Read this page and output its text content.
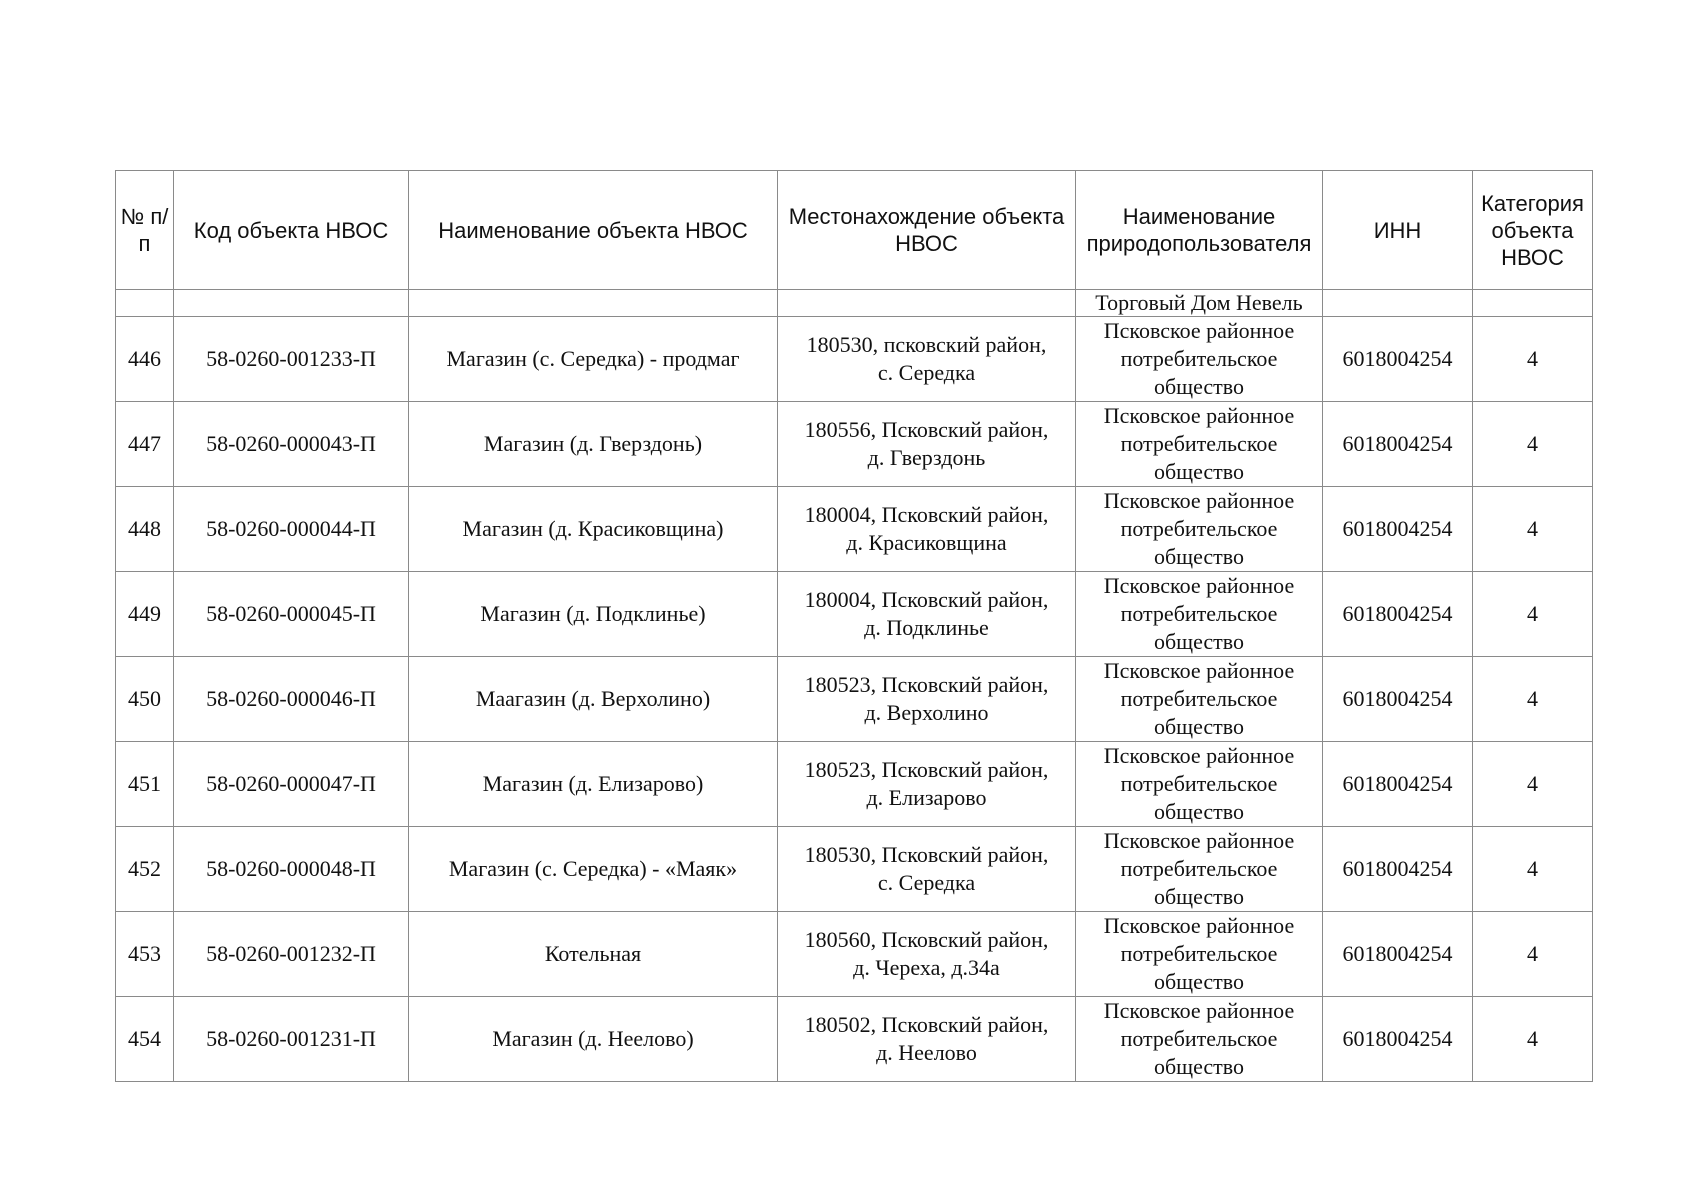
№ п/п	Код объекта НВОС	Наименование объекта НВОС	Местонахождение объекта НВОС	Наименование природопользователя	ИНН	Категория объекта НВОС
				Торговый Дом Невель		
446	58-0260-001233-П	Магазин (с. Середка) - продмаг	180530, псковский район,
с. Середка	Псковское районное потребительское общество	6018004254	4
447	58-0260-000043-П	Магазин (д. Гверздонь)	180556, Псковский район,
д. Гверздонь	Псковское районное потребительское общество	6018004254	4
448	58-0260-000044-П	Магазин (д. Красиковщина)	180004, Псковский район,
д. Красиковщина	Псковское районное потребительское общество	6018004254	4
449	58-0260-000045-П	Магазин (д. Подклинье)	180004, Псковский район,
д. Подклинье	Псковское районное потребительское общество	6018004254	4
450	58-0260-000046-П	Маагазин (д. Верхолино)	180523, Псковский район,
д. Верхолино	Псковское районное потребительское общество	6018004254	4
451	58-0260-000047-П	Магазин (д. Елизарово)	180523, Псковский район,
д. Елизарово	Псковское районное потребительское общество	6018004254	4
452	58-0260-000048-П	Магазин (с. Середка) - «Маяк»	180530, Псковский район,
с. Середка	Псковское районное потребительское общество	6018004254	4
453	58-0260-001232-П	Котельная	180560, Псковский район,
д. Череха, д.34а	Псковское районное потребительское общество	6018004254	4
454	58-0260-001231-П	Магазин (д. Неелово)	180502, Псковский район,
д. Неелово	Псковское районное потребительское общество	6018004254	4
